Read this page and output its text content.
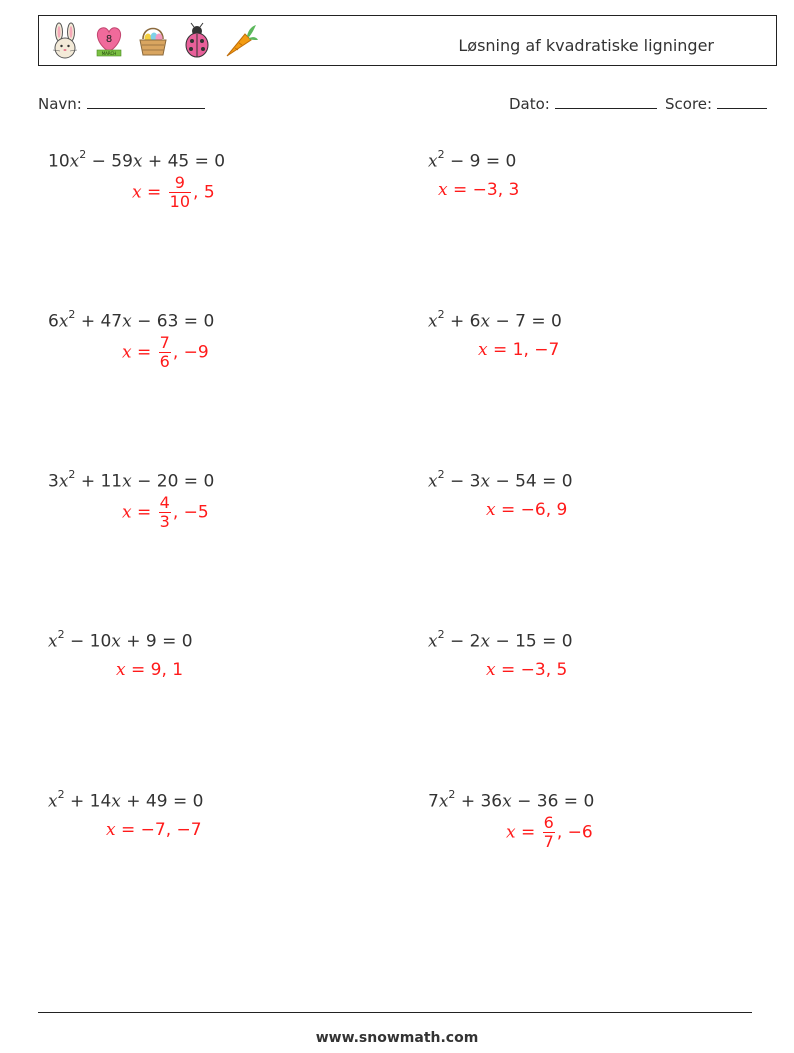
8
MARCH	Løsning af kvadratiske ligninger
Navn:	Dato:	Score:
$10x^2 - 59x + 45 = 0$
$x = \frac{9}{10}$ , 5
$x^2 - 9 = 0$
x = −3, 3
$6x^2 + 47x - 63 = 0$
$x = \frac{7}{6}$ , −9
$x^2 + 6x - 7 = 0$
x = 1, −7
$3x^2 + 11x - 20 = 0$
$x = \frac{4}{3}$ , −5
$x^2 - 3x - 54 = 0$
x = −6, 9
$x^2 - 10x + 9 = 0$
x = 9, 1
$x^2 - 2x - 15 = 0$
x = −3, 5
$x^2 + 14x + 49 = 0$
x = −7, −7
$7x^2 + 36x - 36 = 0$
$x = \frac{6}{7}$ , −6
www.snowmath.com
